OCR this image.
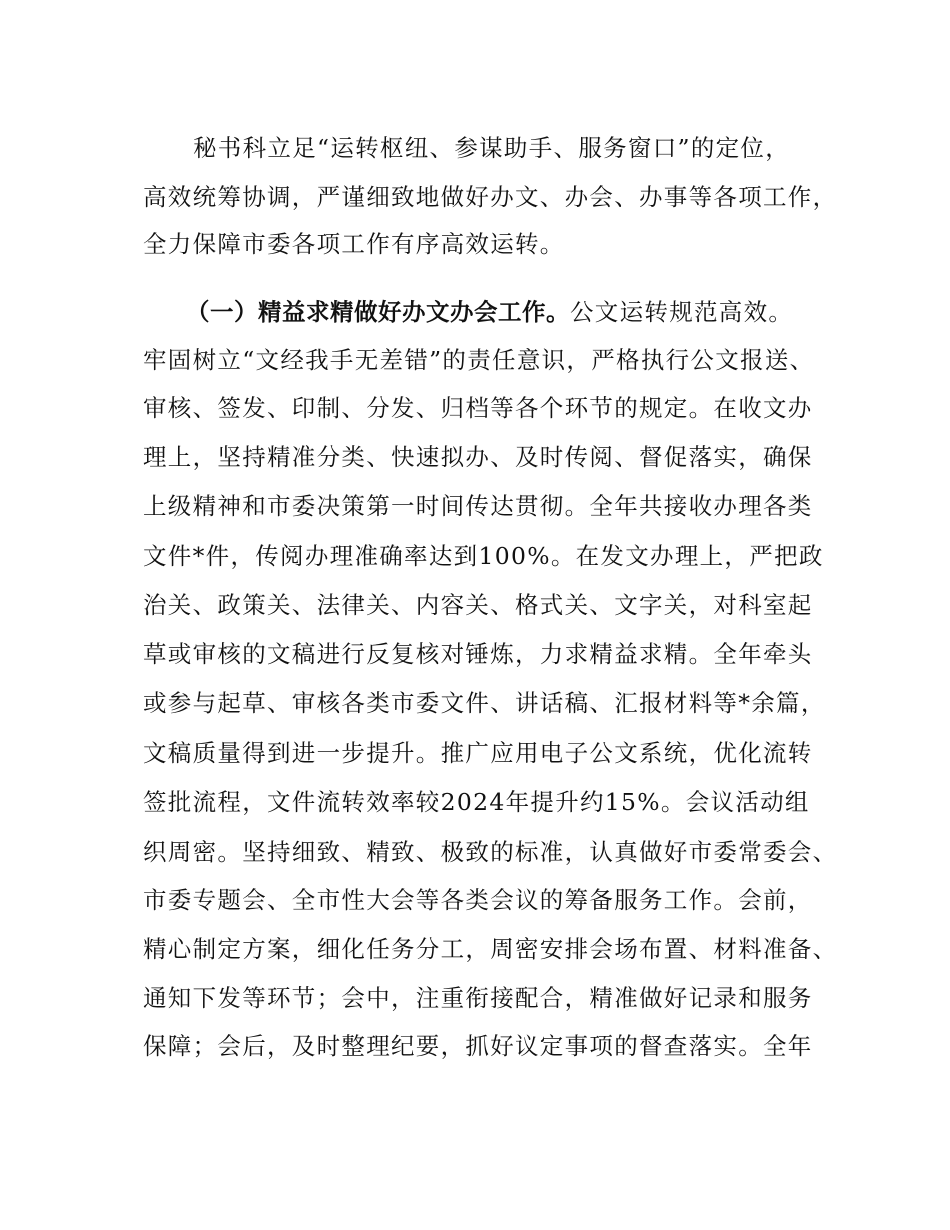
秘书科立足“运转枢纽、参谋助手、服务窗口”的定位，
高效统筹协调，严谨细致地做好办文、办会、办事等各项工作，
全力保障市委各项工作有序高效运转。
（一）精益求精做好办文办会工作。公文运转规范高效。
牢固树立“文经我手无差错”的责任意识，严格执行公文报送、
审核、签发、印制、分发、归档等各个环节的规定。在收文办
理上，坚持精准分类、快速拟办、及时传阅、督促落实，确保
上级精神和市委决策第一时间传达贯彻。全年共接收办理各类
文件*件，传阅办理准确率达到100%。在发文办理上，严把政
治关、政策关、法律关、内容关、格式关、文字关，对科室起
草或审核的文稿进行反复核对锤炼，力求精益求精。全年牵头
或参与起草、审核各类市委文件、讲话稿、汇报材料等*余篇，
文稿质量得到进一步提升。推广应用电子公文系统，优化流转
签批流程，文件流转效率较2024年提升约15%。会议活动组
织周密。坚持细致、精致、极致的标准，认真做好市委常委会、
市委专题会、全市性大会等各类会议的筹备服务工作。会前，
精心制定方案，细化任务分工，周密安排会场布置、材料准备、
通知下发等环节；会中，注重衔接配合，精准做好记录和服务
保障；会后，及时整理纪要，抓好议定事项的督查落实。全年
